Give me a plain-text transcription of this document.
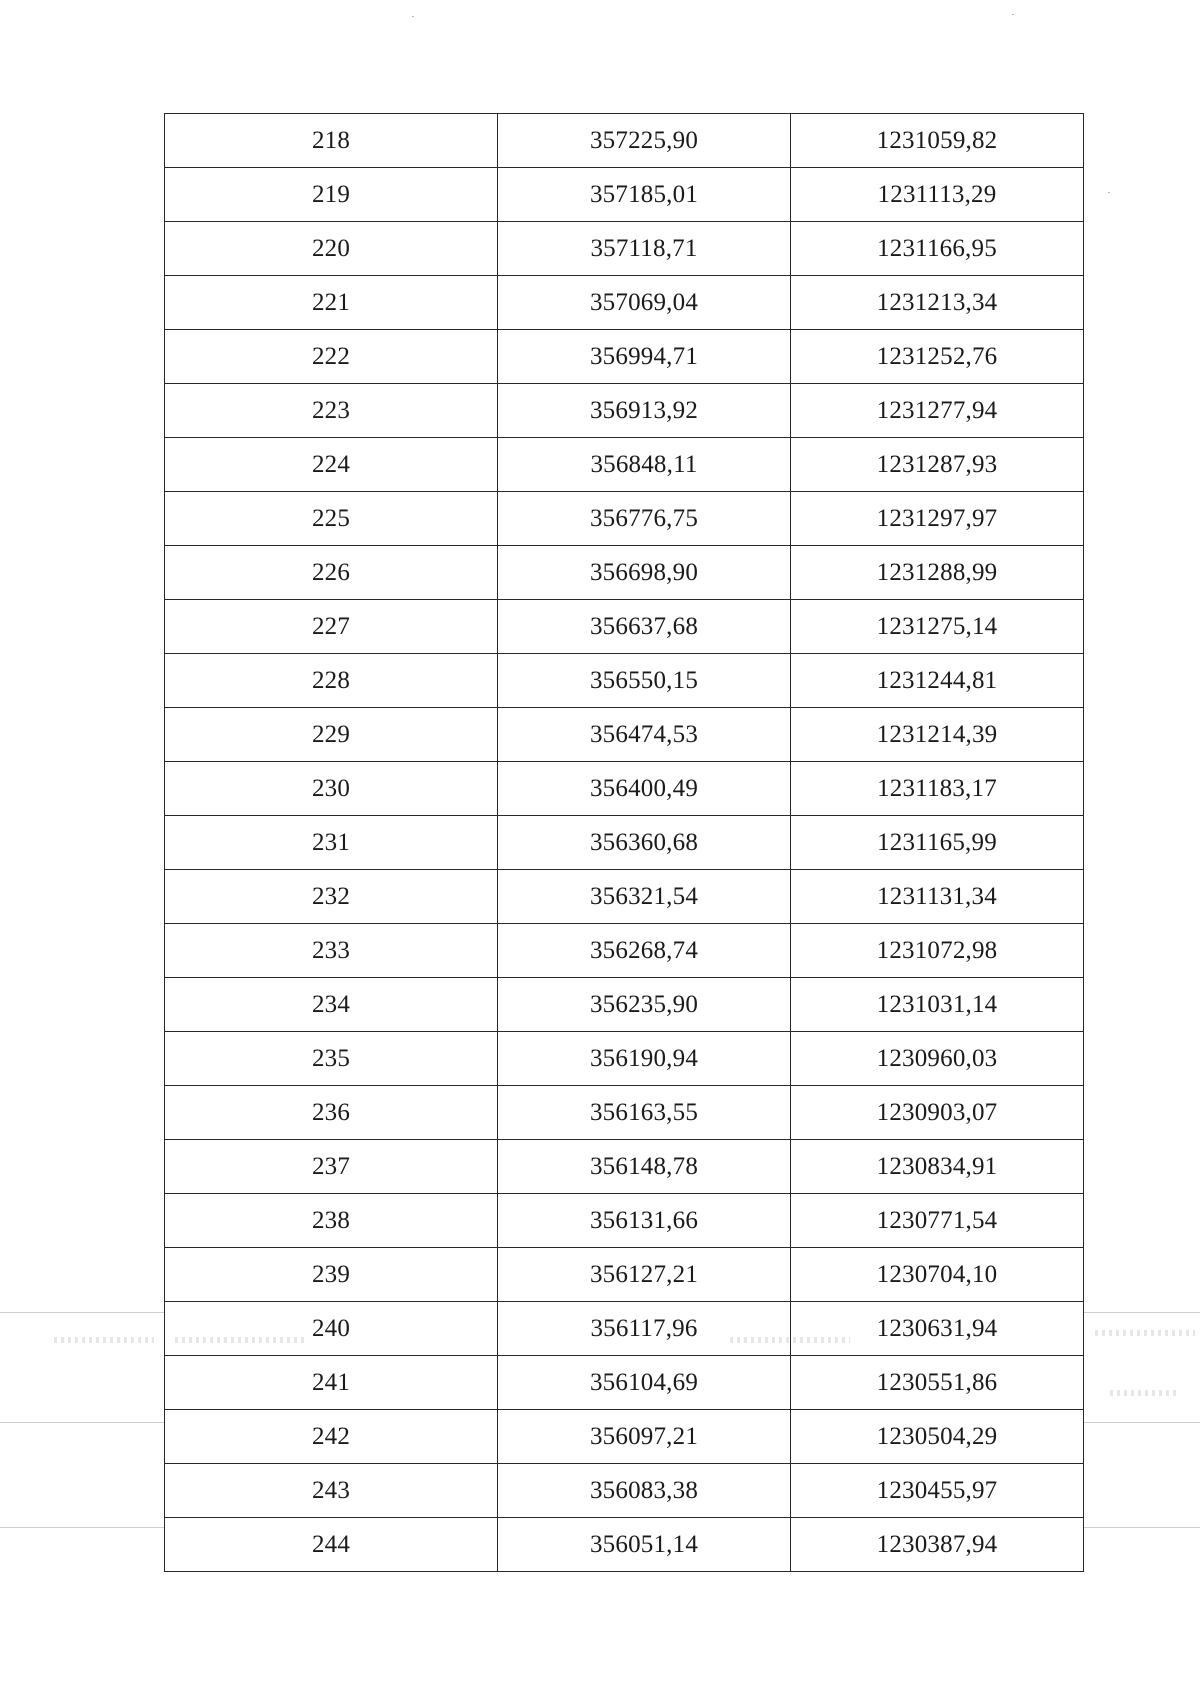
218	357225,90	1231059,82
219	357185,01	1231113,29
220	357118,71	1231166,95
221	357069,04	1231213,34
222	356994,71	1231252,76
223	356913,92	1231277,94
224	356848,11	1231287,93
225	356776,75	1231297,97
226	356698,90	1231288,99
227	356637,68	1231275,14
228	356550,15	1231244,81
229	356474,53	1231214,39
230	356400,49	1231183,17
231	356360,68	1231165,99
232	356321,54	1231131,34
233	356268,74	1231072,98
234	356235,90	1231031,14
235	356190,94	1230960,03
236	356163,55	1230903,07
237	356148,78	1230834,91
238	356131,66	1230771,54
239	356127,21	1230704,10
240	356117,96	1230631,94
241	356104,69	1230551,86
242	356097,21	1230504,29
243	356083,38	1230455,97
244	356051,14	1230387,94
